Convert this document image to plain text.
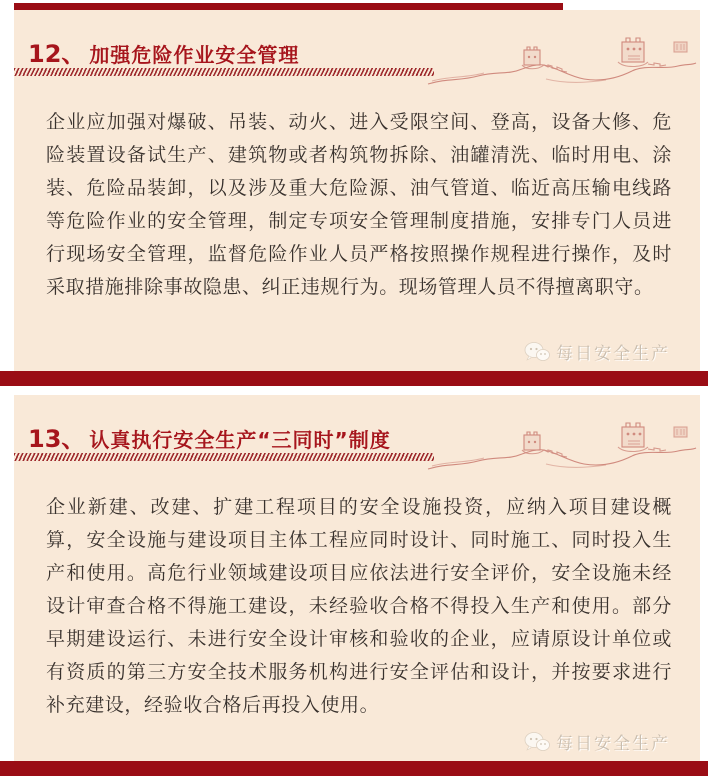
12、 加强危险作业安全管理

企业应加强对爆破、吊装、动火、进入受限空间、登高，设备大修、危险装置设备试生产、建筑物或者构筑物拆除、油罐清洗、临时用电、涂装、危险品装卸，以及涉及重大危险源、油气管道、临近高压输电线路等危险作业的安全管理，制定专项安全管理制度措施，安排专门人员进行现场安全管理，监督危险作业人员严格按照操作规程进行操作，及时采取措施排除事故隐患、纠正违规行为。现场管理人员不得擅离职守。

每日安全生产
13、 认真执行安全生产“三同时”制度

企业新建、改建、扩建工程项目的安全设施投资，应纳入项目建设概算，安全设施与建设项目主体工程应同时设计、同时施工、同时投入生产和使用。高危行业领域建设项目应依法进行安全评价，安全设施未经设计审查合格不得施工建设，未经验收合格不得投入生产和使用。部分早期建设运行、未进行安全设计审核和验收的企业，应请原设计单位或有资质的第三方安全技术服务机构进行安全评估和设计，并按要求进行补充建设，经验收合格后再投入使用。

每日安全生产
